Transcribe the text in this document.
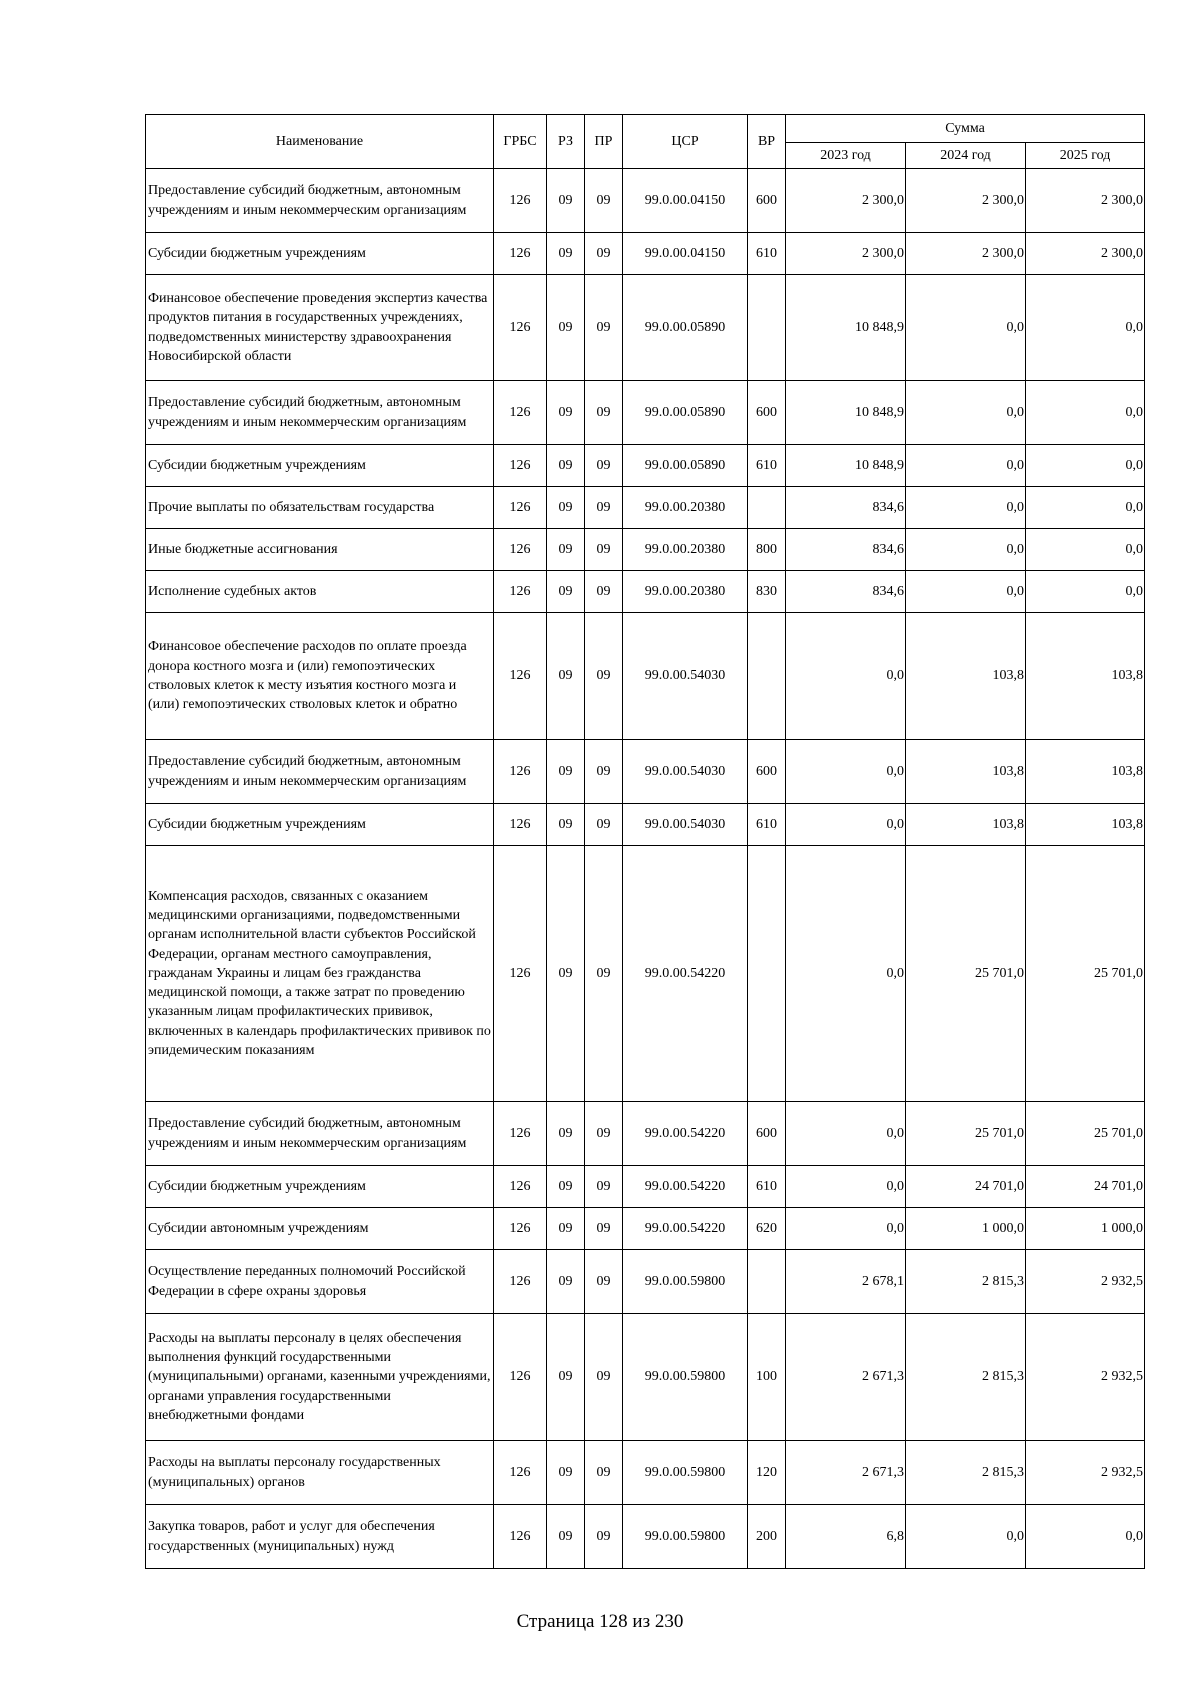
Наименование	ГРБС	РЗ	ПР	ЦСР	ВР	Сумма		
						2023 год	2024 год	2025 год
Предоставление субсидий бюджетным, автономным учреждениям и иным некоммерческим организациям	126	09	09	99.0.00.04150	600	2 300,0	2 300,0	2 300,0
Субсидии бюджетным учреждениям	126	09	09	99.0.00.04150	610	2 300,0	2 300,0	2 300,0
Финансовое обеспечение проведения экспертиз качества продуктов питания в государственных учреждениях, подведомственных министерству здравоохранения Новосибирской области	126	09	09	99.0.00.05890		10 848,9	0,0	0,0
Предоставление субсидий бюджетным, автономным учреждениям и иным некоммерческим организациям	126	09	09	99.0.00.05890	600	10 848,9	0,0	0,0
Субсидии бюджетным учреждениям	126	09	09	99.0.00.05890	610	10 848,9	0,0	0,0
Прочие выплаты по обязательствам государства	126	09	09	99.0.00.20380		834,6	0,0	0,0
Иные бюджетные ассигнования	126	09	09	99.0.00.20380	800	834,6	0,0	0,0
Исполнение судебных актов	126	09	09	99.0.00.20380	830	834,6	0,0	0,0
Финансовое обеспечение расходов по оплате проезда донора костного мозга и (или) гемопоэтических стволовых клеток к месту изъятия костного мозга и (или) гемопоэтических стволовых клеток и обратно	126	09	09	99.0.00.54030		0,0	103,8	103,8
Предоставление субсидий бюджетным, автономным учреждениям и иным некоммерческим организациям	126	09	09	99.0.00.54030	600	0,0	103,8	103,8
Субсидии бюджетным учреждениям	126	09	09	99.0.00.54030	610	0,0	103,8	103,8
Компенсация расходов, связанных с оказанием медицинскими организациями, подведомственными органам исполнительной власти субъектов Российской Федерации, органам местного самоуправления, гражданам Украины и лицам без гражданства медицинской помощи, а также затрат по проведению указанным лицам профилактических прививок, включенных в календарь профилактических прививок по эпидемическим показаниям	126	09	09	99.0.00.54220		0,0	25 701,0	25 701,0
Предоставление субсидий бюджетным, автономным учреждениям и иным некоммерческим организациям	126	09	09	99.0.00.54220	600	0,0	25 701,0	25 701,0
Субсидии бюджетным учреждениям	126	09	09	99.0.00.54220	610	0,0	24 701,0	24 701,0
Субсидии автономным учреждениям	126	09	09	99.0.00.54220	620	0,0	1 000,0	1 000,0
Осуществление переданных полномочий Российской Федерации в сфере охраны здоровья	126	09	09	99.0.00.59800		2 678,1	2 815,3	2 932,5
Расходы на выплаты персоналу в целях обеспечения выполнения функций государственными (муниципальными) органами, казенными учреждениями, органами управления государственными внебюджетными фондами	126	09	09	99.0.00.59800	100	2 671,3	2 815,3	2 932,5
Расходы на выплаты персоналу государственных (муниципальных) органов	126	09	09	99.0.00.59800	120	2 671,3	2 815,3	2 932,5
Закупка товаров, работ и услуг для обеспечения государственных (муниципальных) нужд	126	09	09	99.0.00.59800	200	6,8	0,0	0,0
Страница 128 из 230
